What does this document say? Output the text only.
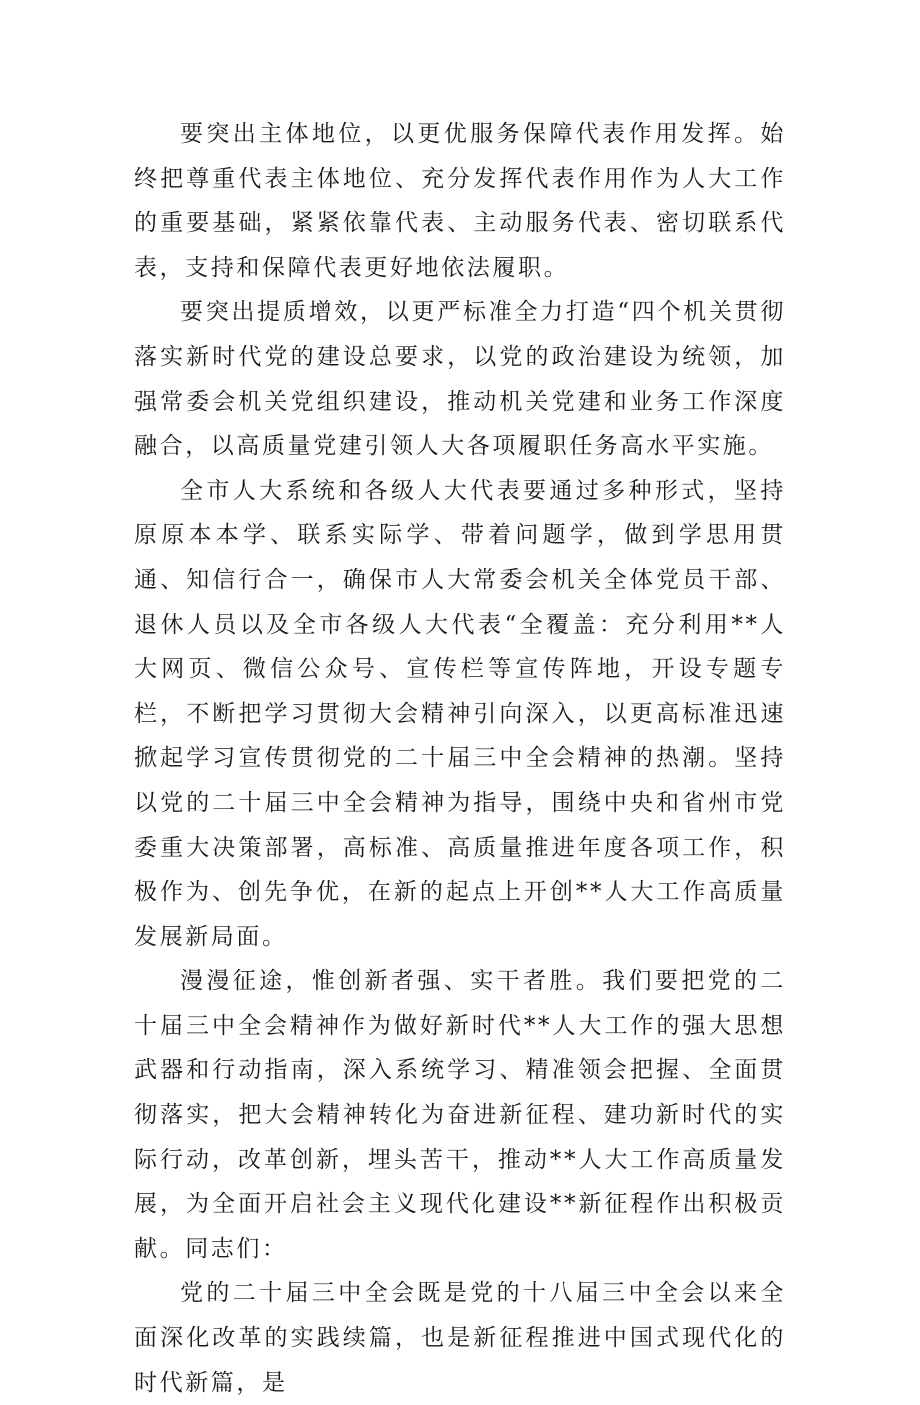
要突出主体地位，以更优服务保障代表作用发挥。始终把尊重代表主体地位、充分发挥代表作用作为人大工作的重要基础，紧紧依靠代表、主动服务代表、密切联系代表，支持和保障代表更好地依法履职。

要突出提质增效，以更严标准全力打造“四个机关贯彻落实新时代党的建设总要求，以党的政治建设为统领，加强常委会机关党组织建设，推动机关党建和业务工作深度融合，以高质量党建引领人大各项履职任务高水平实施。

全市人大系统和各级人大代表要通过多种形式，坚持原原本本学、联系实际学、带着问题学，做到学思用贯通、知信行合一，确保市人大常委会机关全体党员干部、退休人员以及全市各级人大代表“全覆盖：充分利用**人大网页、微信公众号、宣传栏等宣传阵地，开设专题专栏，不断把学习贯彻大会精神引向深入，以更高标准迅速掀起学习宣传贯彻党的二十届三中全会精神的热潮。坚持以党的二十届三中全会精神为指导，围绕中央和省州市党委重大决策部署，高标准、高质量推进年度各项工作，积极作为、创先争优，在新的起点上开创**人大工作高质量发展新局面。

漫漫征途，惟创新者强、实干者胜。我们要把党的二十届三中全会精神作为做好新时代**人大工作的强大思想武器和行动指南，深入系统学习、精准领会把握、全面贯彻落实，把大会精神转化为奋进新征程、建功新时代的实际行动，改革创新，埋头苦干，推动**人大工作高质量发展，为全面开启社会主义现代化建设**新征程作出积极贡献。同志们：

党的二十届三中全会既是党的十八届三中全会以来全面深化改革的实践续篇，也是新征程推进中国式现代化的时代新篇，是
